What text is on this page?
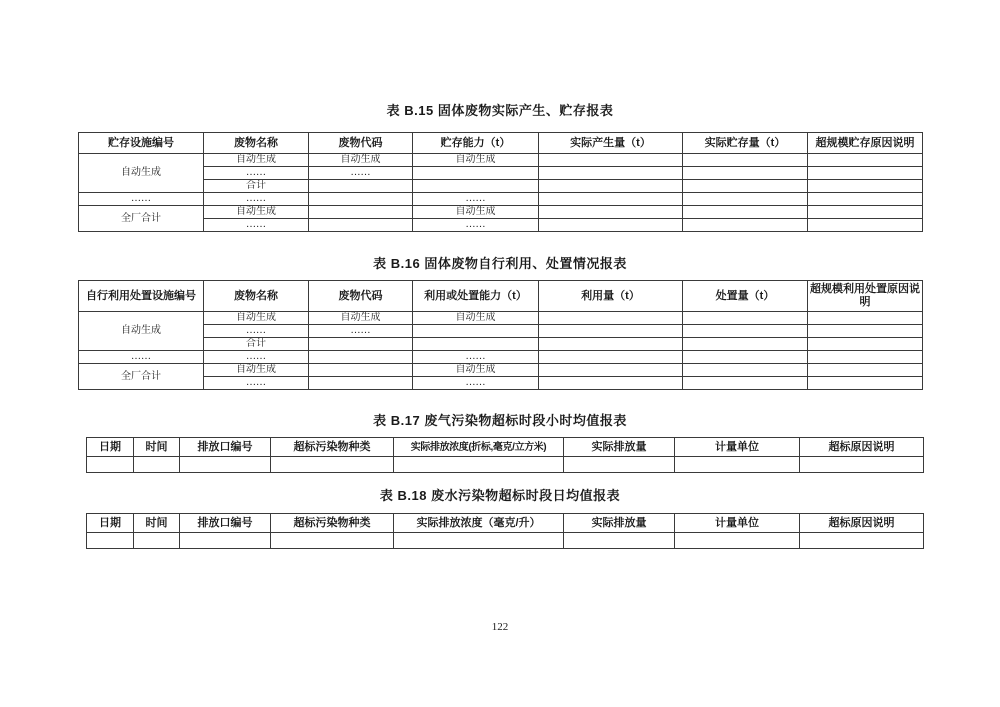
表 B.15 固体废物实际产生、贮存报表
贮存设施编号	废物名称	废物代码	贮存能力（t）	实际产生量（t）	实际贮存量（t）	超规模贮存原因说明
自动生成	自动生成	自动生成	自动生成			
	……	……				
	合计					
……	……		……			
全厂合计	自动生成		自动生成			
	……		……			
表 B.16 固体废物自行利用、处置情况报表
自行利用处置设施编号	废物名称	废物代码	利用或处置能力（t）	利用量（t）	处置量（t）	超规模利用处置原因说明
自动生成	自动生成	自动生成	自动生成			
	……	……				
	合计					
……	……		……			
全厂合计	自动生成		自动生成			
	……		……			
表 B.17 废气污染物超标时段小时均值报表
日期	时间	排放口编号	超标污染物种类	实际排放浓度(折标,毫克/立方米)	实际排放量	计量单位	超标原因说明

表 B.18 废水污染物超标时段日均值报表
日期	时间	排放口编号	超标污染物种类	实际排放浓度（毫克/升）	实际排放量	计量单位	超标原因说明

122
